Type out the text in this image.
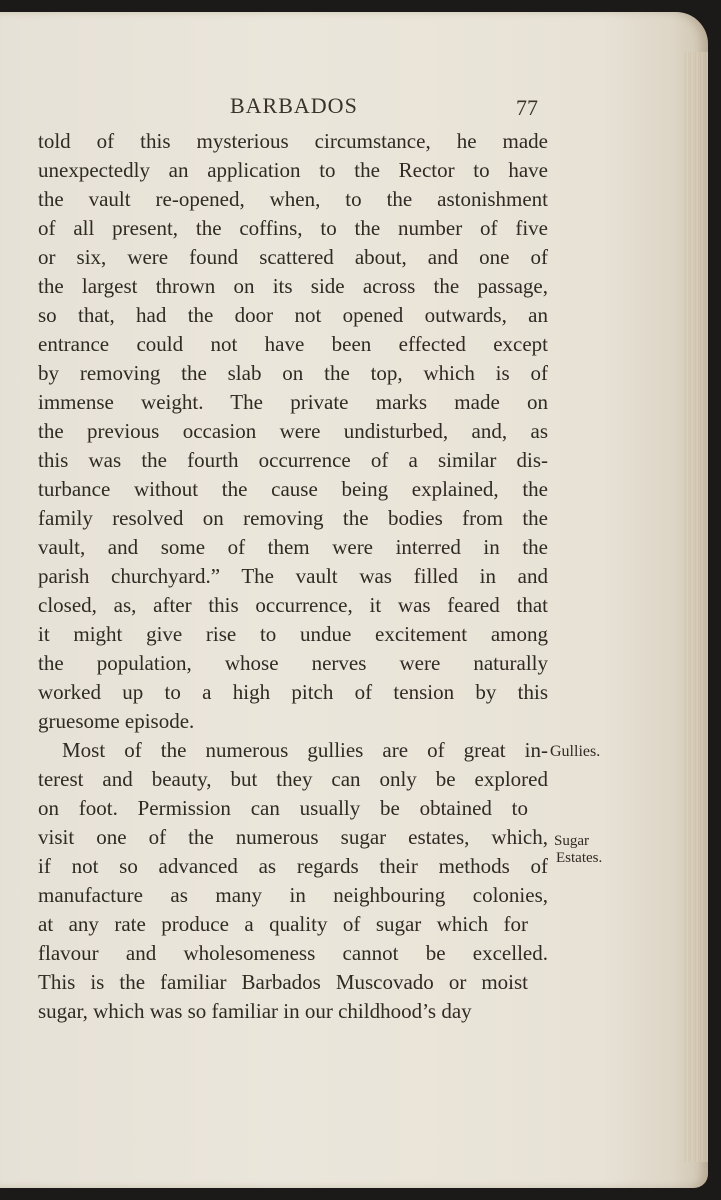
BARBADOS	77
told of this mysterious circumstance, he made
unexpectedly an application to the Rector to have
the vault re-opened, when, to the astonishment
of all present, the coffins, to the number of five
or six, were found scattered about, and one of
the largest thrown on its side across the passage,
so that, had the door not opened outwards, an
entrance could not have been effected except
by removing the slab on the top, which is of
immense weight. The private marks made on
the previous occasion were undisturbed, and, as
this was the fourth occurrence of a similar dis-
turbance without the cause being explained, the
family resolved on removing the bodies from the
vault, and some of them were interred in the
parish churchyard.” The vault was filled in and
closed, as, after this occurrence, it was feared that
it might give rise to undue excitement among
the population, whose nerves were naturally
worked up to a high pitch of tension by this
gruesome episode.
Most of the numerous gullies are of great in-
terest and beauty, but they can only be explored
on foot. Permission can usually be obtained to
visit one of the numerous sugar estates, which,
if not so advanced as regards their methods of
manufacture as many in neighbouring colonies,
at any rate produce a quality of sugar which for
flavour and wholesomeness cannot be excelled.
This is the familiar Barbados Muscovado or moist
sugar, which was so familiar in our childhood’s day
Gullies.
Sugar
Estates.
